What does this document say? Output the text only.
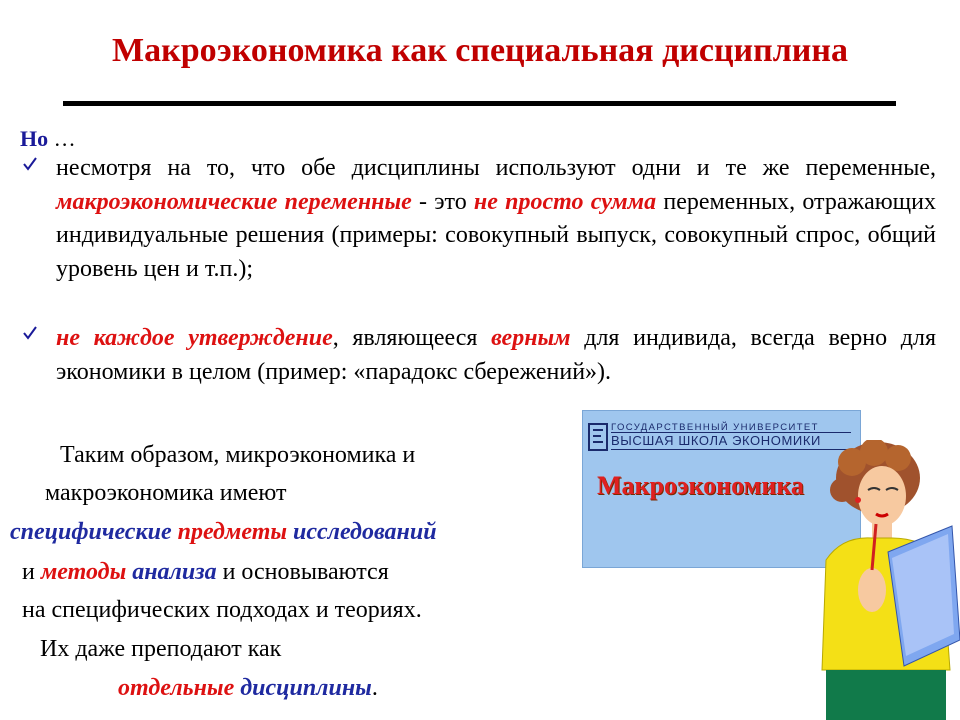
Макроэкономика как специальная дисциплина
Но …
несмотря на то, что обе дисциплины используют одни и те же переменные, макроэкономические переменные - это не просто сумма переменных, отражающих индивидуальные решения (примеры: совокупный выпуск, совокупный спрос, общий уровень цен и т.п.);
не каждое утверждение, являющееся верным для индивида, всегда верно для экономики в целом (пример: «парадокс сбережений»).
Таким образом, микроэкономика и
макроэкономика имеют
специфические предметы исследований
и методы анализа и основываются
на специфических подходах и теориях.
Их даже преподают как
отдельные дисциплины.
ГОСУДАРСТВЕННЫЙ УНИВЕРСИТЕТ
ВЫСШАЯ ШКОЛА ЭКОНОМИКИ
Макроэкономика
